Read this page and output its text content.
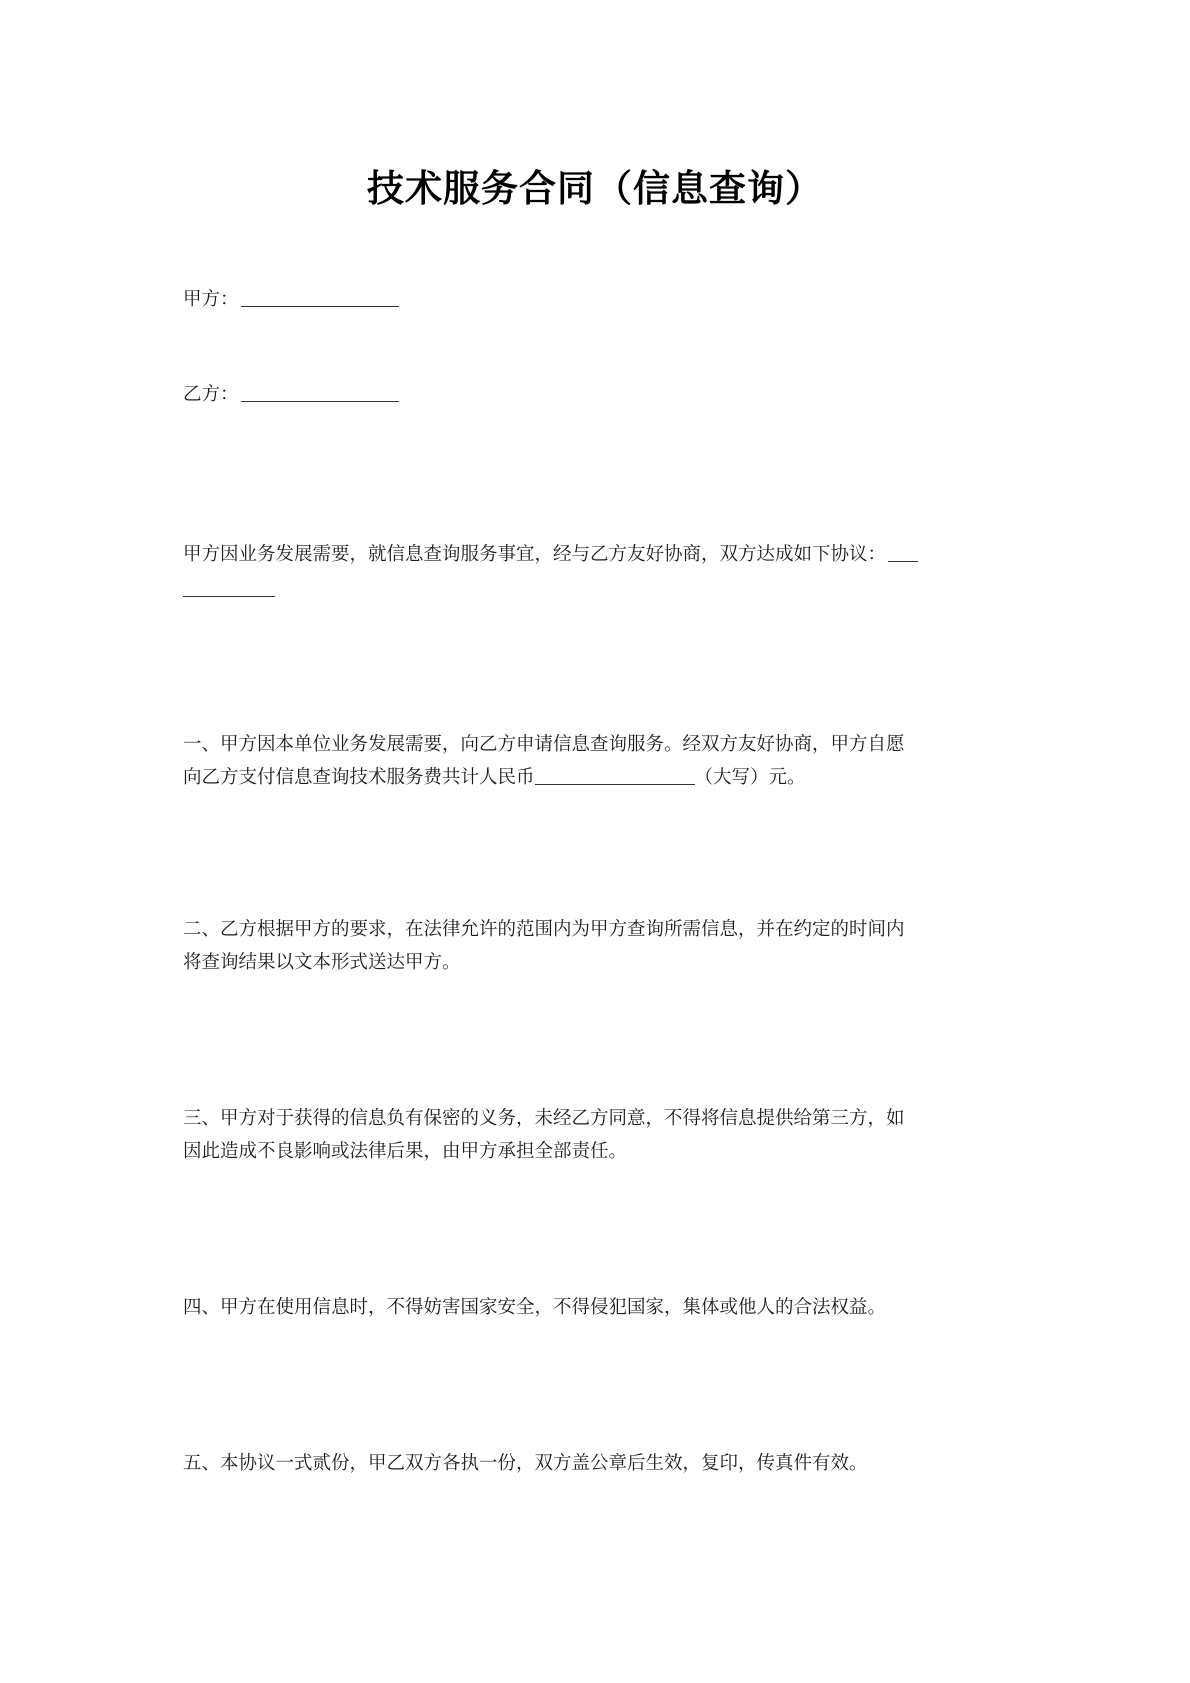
技术服务合同（信息查询）
甲方：
乙方：
甲方因业务发展需要，就信息查询服务事宜，经与乙方友好协商，双方达成如下协议：
一、甲方因本单位业务发展需要，向乙方申请信息查询服务。经双方友好协商，甲方自愿
向乙方支付信息查询技术服务费共计人民币	（大写）元。
二、乙方根据甲方的要求，在法律允许的范围内为甲方查询所需信息，并在约定的时间内
将查询结果以文本形式送达甲方。
三、甲方对于获得的信息负有保密的义务，未经乙方同意，不得将信息提供给第三方，如
因此造成不良影响或法律后果，由甲方承担全部责任。
四、甲方在使用信息时，不得妨害国家安全，不得侵犯国家，集体或他人的合法权益。
五、本协议一式贰份，甲乙双方各执一份，双方盖公章后生效，复印，传真件有效。
